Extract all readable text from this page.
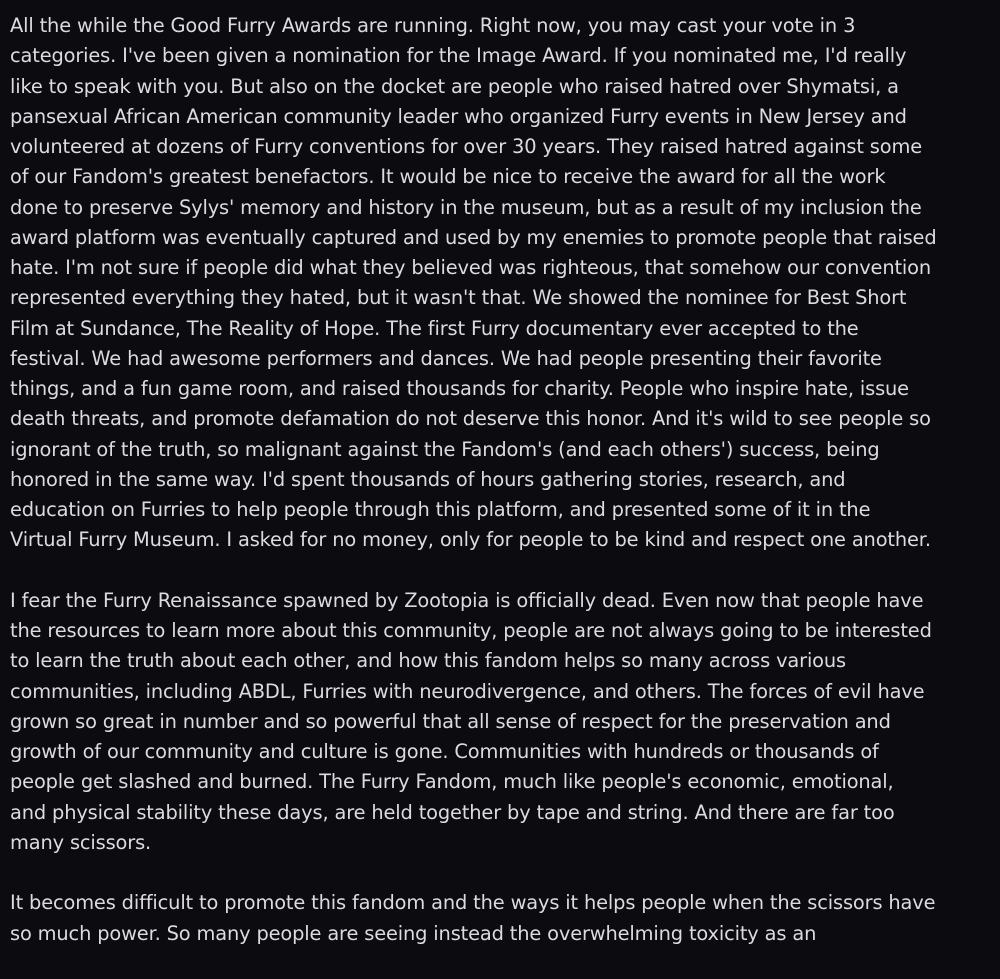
All the while the Good Furry Awards are running. Right now, you may cast your vote in 3
categories. I've been given a nomination for the Image Award. If you nominated me, I'd really
like to speak with you. But also on the docket are people who raised hatred over Shymatsi, a
pansexual African American community leader who organized Furry events in New Jersey and
volunteered at dozens of Furry conventions for over 30 years. They raised hatred against some
of our Fandom's greatest benefactors. It would be nice to receive the award for all the work
done to preserve Sylys' memory and history in the museum, but as a result of my inclusion the
award platform was eventually captured and used by my enemies to promote people that raised
hate. I'm not sure if people did what they believed was righteous, that somehow our convention
represented everything they hated, but it wasn't that. We showed the nominee for Best Short
Film at Sundance, The Reality of Hope. The first Furry documentary ever accepted to the
festival. We had awesome performers and dances. We had people presenting their favorite
things, and a fun game room, and raised thousands for charity. People who inspire hate, issue
death threats, and promote defamation do not deserve this honor. And it's wild to see people so
ignorant of the truth, so malignant against the Fandom's (and each others') success, being
honored in the same way. I'd spent thousands of hours gathering stories, research, and
education on Furries to help people through this platform, and presented some of it in the
Virtual Furry Museum. I asked for no money, only for people to be kind and respect one another.

I fear the Furry Renaissance spawned by Zootopia is officially dead. Even now that people have
the resources to learn more about this community, people are not always going to be interested
to learn the truth about each other, and how this fandom helps so many across various
communities, including ABDL, Furries with neurodivergence, and others. The forces of evil have
grown so great in number and so powerful that all sense of respect for the preservation and
growth of our community and culture is gone. Communities with hundreds or thousands of
people get slashed and burned. The Furry Fandom, much like people's economic, emotional,
and physical stability these days, are held together by tape and string. And there are far too
many scissors.

It becomes difficult to promote this fandom and the ways it helps people when the scissors have
so much power. So many people are seeing instead the overwhelming toxicity as an
